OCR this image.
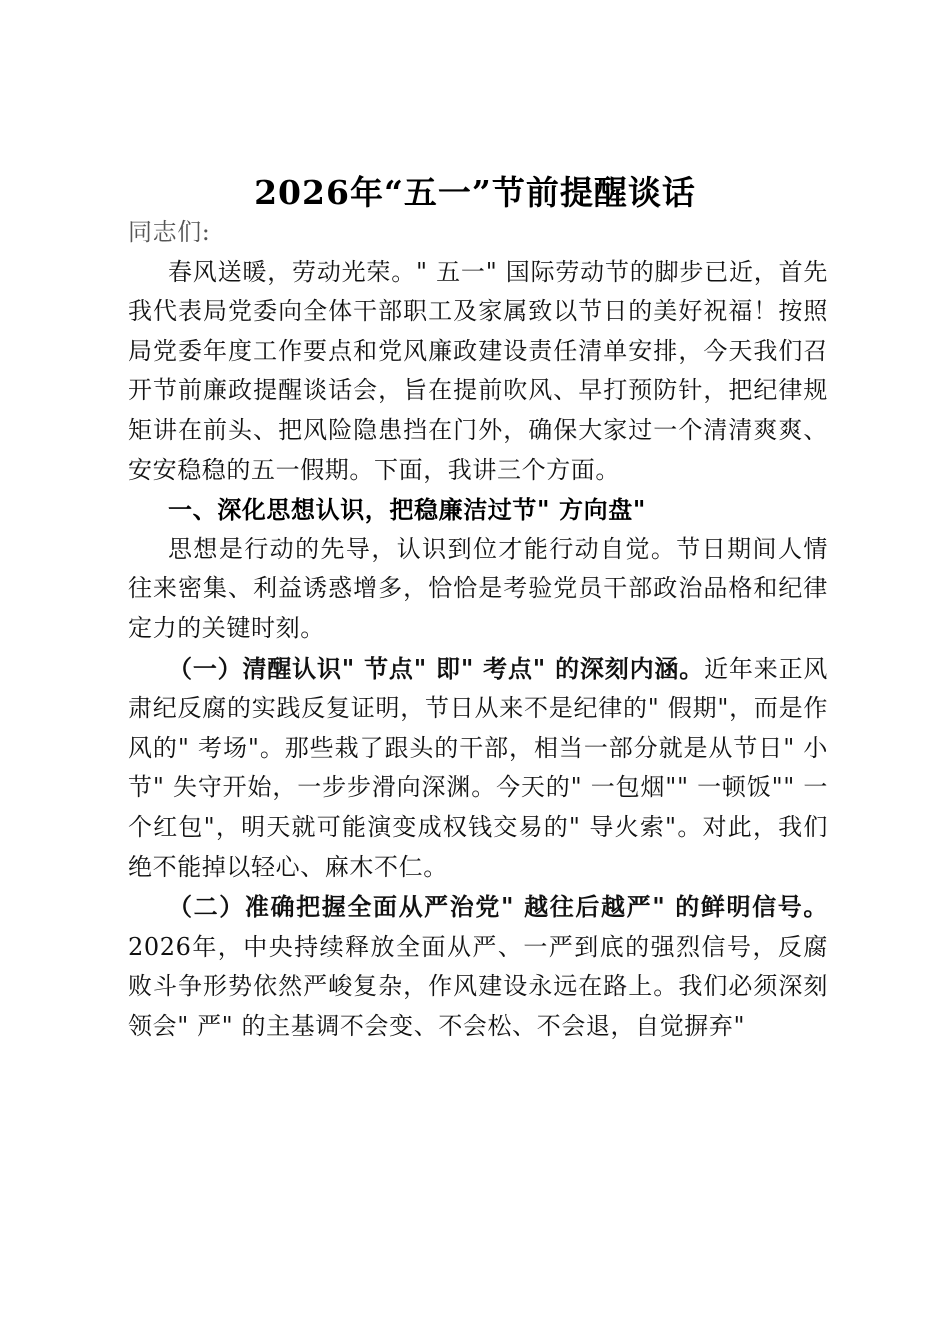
2026年“五一”节前提醒谈话

同志们:

春风送暖，劳动光荣。" 五一" 国际劳动节的脚步已近，首先我代表局党委向全体干部职工及家属致以节日的美好祝福！按照局党委年度工作要点和党风廉政建设责任清单安排，今天我们召开节前廉政提醒谈话会，旨在提前吹风、早打预防针，把纪律规矩讲在前头、把风险隐患挡在门外，确保大家过一个清清爽爽、安安稳稳的五一假期。下面，我讲三个方面。

一、深化思想认识，把稳廉洁过节" 方向盘"

思想是行动的先导，认识到位才能行动自觉。节日期间人情往来密集、利益诱惑增多，恰恰是考验党员干部政治品格和纪律定力的关键时刻。

（一）清醒认识" 节点" 即" 考点" 的深刻内涵。近年来正风肃纪反腐的实践反复证明，节日从来不是纪律的" 假期"，而是作风的" 考场"。那些栽了跟头的干部，相当一部分就是从节日" 小节" 失守开始，一步步滑向深渊。今天的" 一包烟"" 一顿饭"" 一个红包"，明天就可能演变成权钱交易的" 导火索"。对此，我们绝不能掉以轻心、麻木不仁。

（二）准确把握全面从严治党" 越往后越严" 的鲜明信号。2026年，中央持续释放全面从严、一严到底的强烈信号，反腐败斗争形势依然严峻复杂，作风建设永远在路上。我们必须深刻领会" 严" 的主基调不会变、不会松、不会退，自觉摒弃"
